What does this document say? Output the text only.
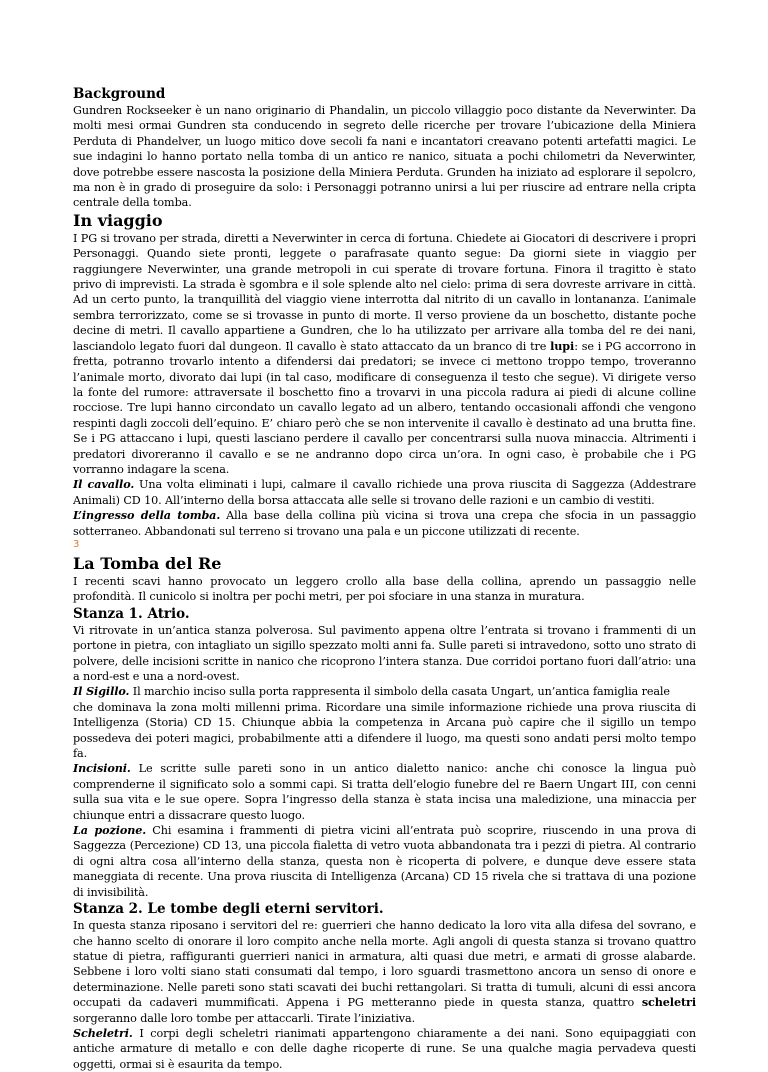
Background

Gundren Rockseeker è un nano originario di Phandalin, un piccolo villaggio poco distante da Neverwinter. Da molti mesi ormai Gundren sta conducendo in segreto delle ricerche per trovare l’ubicazione della Miniera Perduta di Phandelver, un luogo mitico dove secoli fa nani e incantatori creavano potenti artefatti magici. Le sue indagini lo hanno portato nella tomba di un antico re nanico, situata a pochi chilometri da Neverwinter, dove potrebbe essere nascosta la posizione della Miniera Perduta. Grunden ha iniziato ad esplorare il sepolcro, ma non è in grado di proseguire da solo: i Personaggi potranno unirsi a lui per riuscire ad entrare nella cripta centrale della tomba.

In viaggio

I PG si trovano per strada, diretti a Neverwinter in cerca di fortuna. Chiedete ai Giocatori di descrivere i propri Personaggi. Quando siete pronti, leggete o parafrasate quanto segue: Da giorni siete in viaggio per raggiungere Neverwinter, una grande metropoli in cui sperate di trovare fortuna. Finora il tragitto è stato privo di imprevisti. La strada è sgombra e il sole splende alto nel cielo: prima di sera dovreste arrivare in città. Ad un certo punto, la tranquillità del viaggio viene interrotta dal nitrito di un cavallo in lontananza. L’animale sembra terrorizzato, come se si trovasse in punto di morte. Il verso proviene da un boschetto, distante poche decine di metri. Il cavallo appartiene a Gundren, che lo ha utilizzato per arrivare alla tomba del re dei nani, lasciandolo legato fuori dal dungeon. Il cavallo è stato attaccato da un branco di tre lupi: se i PG accorrono in fretta, potranno trovarlo intento a difendersi dai predatori; se invece ci mettono troppo tempo, troveranno l’animale morto, divorato dai lupi (in tal caso, modificare di conseguenza il testo che segue). Vi dirigete verso la fonte del rumore: attraversate il boschetto fino a trovarvi in una piccola radura ai piedi di alcune colline rocciose. Tre lupi hanno circondato un cavallo legato ad un albero, tentando occasionali affondi che vengono respinti dagli zoccoli dell’equino. E’ chiaro però che se non intervenite il cavallo è destinato ad una brutta fine. Se i PG attaccano i lupi, questi lasciano perdere il cavallo per concentrarsi sulla nuova minaccia. Altrimenti i predatori divoreranno il cavallo e se ne andranno dopo circa un’ora. In ogni caso, è probabile che i PG vorranno indagare la scena.

Il cavallo. Una volta eliminati i lupi, calmare il cavallo richiede una prova riuscita di Saggezza (Addestrare Animali) CD 10. All’interno della borsa attaccata alle selle si trovano delle razioni e un cambio di vestiti.

L’ingresso della tomba. Alla base della collina più vicina si trova una crepa che sfocia in un passaggio sotterraneo. Abbandonati sul terreno si trovano una pala e un piccone utilizzati di recente.

3

La Tomba del Re

I recenti scavi hanno provocato un leggero crollo alla base della collina, aprendo un passaggio nelle profondità. Il cunicolo si inoltra per pochi metri, per poi sfociare in una stanza in muratura.

Stanza 1. Atrio.

Vi ritrovate in un’antica stanza polverosa. Sul pavimento appena oltre l’entrata si trovano i frammenti di un portone in pietra, con intagliato un sigillo spezzato molti anni fa. Sulle pareti si intravedono, sotto uno strato di polvere, delle incisioni scritte in nanico che ricoprono l’intera stanza. Due corridoi portano fuori dall’atrio: una a nord-est e una a nord-ovest.

Il Sigillo. Il marchio inciso sulla porta rappresenta il simbolo della casata Ungart, un’antica famiglia reale

che dominava la zona molti millenni prima. Ricordare una simile informazione richiede una prova riuscita di Intelligenza (Storia) CD 15. Chiunque abbia la competenza in Arcana può capire che il sigillo un tempo possedeva dei poteri magici, probabilmente atti a difendere il luogo, ma questi sono andati persi molto tempo fa.

Incisioni. Le scritte sulle pareti sono in un antico dialetto nanico: anche chi conosce la lingua può comprenderne il significato solo a sommi capi. Si tratta dell’elogio funebre del re Baern Ungart III, con cenni sulla sua vita e le sue opere. Sopra l’ingresso della stanza è stata incisa una maledizione, una minaccia per chiunque entri a dissacrare questo luogo.

La pozione. Chi esamina i frammenti di pietra vicini all’entrata può scoprire, riuscendo in una prova di Saggezza (Percezione) CD 13, una piccola fialetta di vetro vuota abbandonata tra i pezzi di pietra. Al contrario di ogni altra cosa all’interno della stanza, questa non è ricoperta di polvere, e dunque deve essere stata maneggiata di recente. Una prova riuscita di Intelligenza (Arcana) CD 15 rivela che si trattava di una pozione di invisibilità.

Stanza 2. Le tombe degli eterni servitori.

In questa stanza riposano i servitori del re: guerrieri che hanno dedicato la loro vita alla difesa del sovrano, e che hanno scelto di onorare il loro compito anche nella morte. Agli angoli di questa stanza si trovano quattro statue di pietra, raffiguranti guerrieri nanici in armatura, alti quasi due metri, e armati di grosse alabarde. Sebbene i loro volti siano stati consumati dal tempo, i loro sguardi trasmettono ancora un senso di onore e determinazione. Nelle pareti sono stati scavati dei buchi rettangolari. Si tratta di tumuli, alcuni di essi ancora occupati da cadaveri mummificati. Appena i PG metteranno piede in questa stanza, quattro scheletri sorgeranno dalle loro tombe per attaccarli. Tirate l’iniziativa.

Scheletri. I corpi degli scheletri rianimati appartengono chiaramente a dei nani. Sono equipaggiati con antiche armature di metallo e con delle daghe ricoperte di rune. Se una qualche magia pervadeva questi oggetti, ormai si è esaurita da tempo.
